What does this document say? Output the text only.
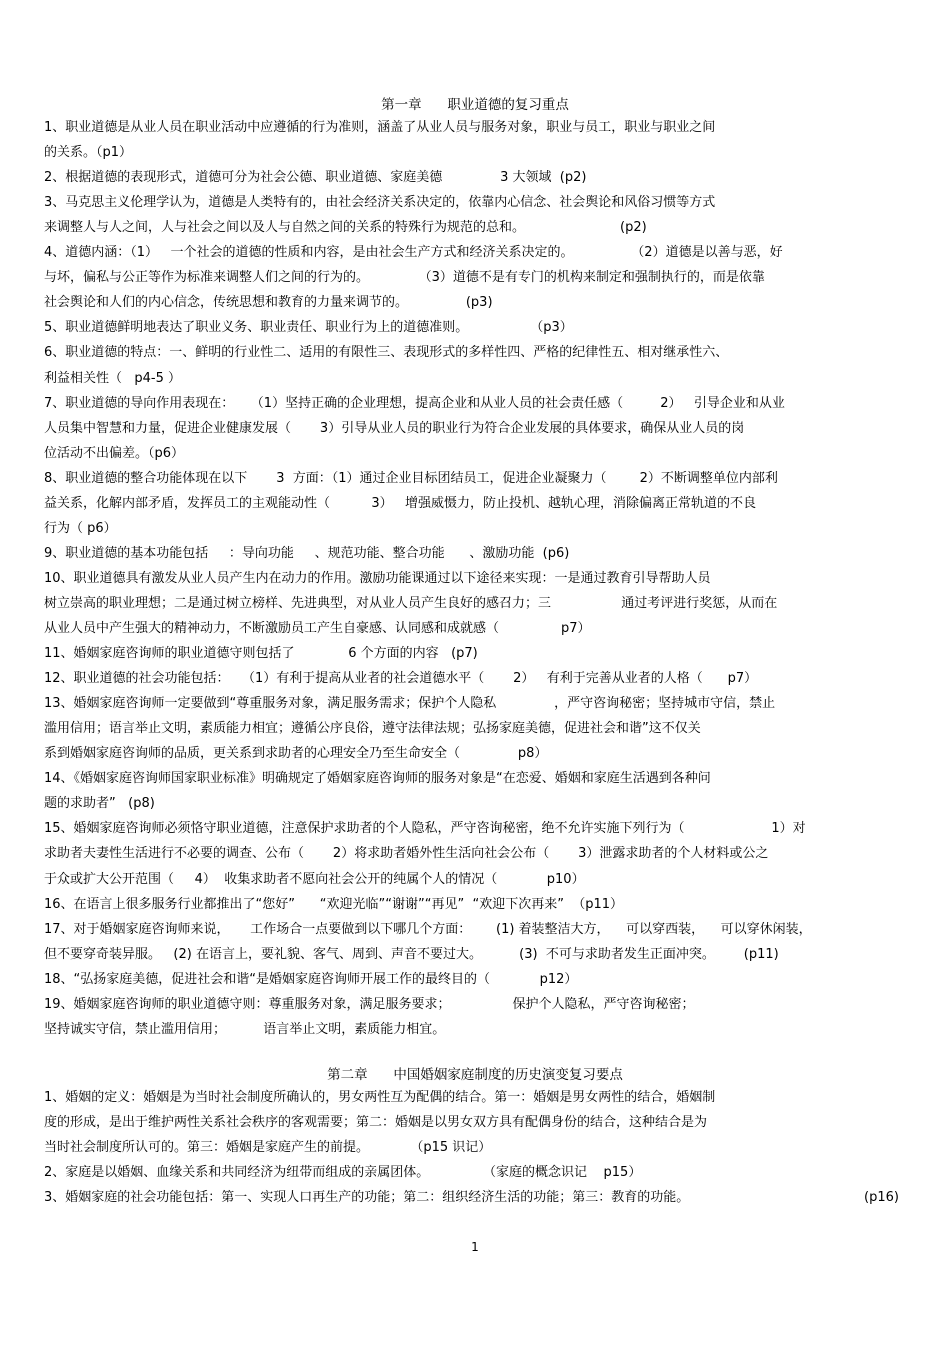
第一章      职业道德的复习重点
1、职业道德是从业人员在职业活动中应遵循的行为准则，涵盖了从业人员与服务对象，职业与员工，职业与职业之间
的关系。（p1）
2、根据道德的表现形式，道德可分为社会公德、职业道德、家庭美德              3 大领域  (p2)
3、马克思主义伦理学认为，道德是人类特有的，由社会经济关系决定的，依靠内心信念、社会舆论和风俗习惯等方式
来调整人与人之间，人与社会之间以及人与自然之间的关系的特殊行为规范的总和。                       (p2)
4、道德内涵：（1）   一个社会的道德的性质和内容，是由社会生产方式和经济关系决定的。              （2）道德是以善与恶，好
与坏，偏私与公正等作为标准来调整人们之间的行为的。            （3）道德不是有专门的机构来制定和强制执行的，而是依靠
社会舆论和人们的内心信念，传统思想和教育的力量来调节的。              (p3)
5、职业道德鲜明地表达了职业义务、职业责任、职业行为上的道德准则。               （p3）
6、职业道德的特点：一、鲜明的行业性二、适用的有限性三、表现形式的多样性四、严格的纪律性五、相对继承性六、
利益相关性（   p4-5 ）
7、职业道德的导向作用表现在：    （1）坚持正确的企业理想，提高企业和从业人员的社会责任感（         2）   引导企业和从业
人员集中智慧和力量，促进企业健康发展（       3）引导从业人员的职业行为符合企业发展的具体要求，确保从业人员的岗
位活动不出偏差。（p6）
8、职业道德的整合功能体现在以下       3  方面：（1）通过企业目标团结员工，促进企业凝聚力（        2）不断调整单位内部利
益关系，化解内部矛盾，发挥员工的主观能动性（          3）   增强威慑力，防止投机、越轨心理，消除偏离正常轨道的不良
行为（ p6）
9、职业道德的基本功能包括     ：导向功能     、规范功能、整合功能      、激励功能  (p6)
10、职业道德具有激发从业人员产生内在动力的作用。激励功能课通过以下途径来实现：一是通过教育引导帮助人员
树立崇高的职业理想；二是通过树立榜样、先进典型，对从业人员产生良好的感召力；三                 通过考评进行奖惩，从而在
从业人员中产生强大的精神动力，不断激励员工产生自豪感、认同感和成就感（               p7）
11、婚姻家庭咨询师的职业道德守则包括了             6 个方面的内容   (p7)
12、职业道德的社会功能包括：   （1）有利于提高从业者的社会道德水平（       2）   有利于完善从业者的人格（      p7）
13、婚姻家庭咨询师一定要做到“尊重服务对象，满足服务需求；保护个人隐私              ，严守咨询秘密；坚持城市守信，禁止
滥用信用；语言举止文明，素质能力相宜；遵循公序良俗，遵守法律法规；弘扬家庭美德，促进社会和谐”这不仅关
系到婚姻家庭咨询师的品质，更关系到求助者的心理安全乃至生命安全（              p8）
14、《婚姻家庭咨询师国家职业标准》明确规定了婚姻家庭咨询师的服务对象是“在恋爱、婚姻和家庭生活遇到各种问
题的求助者”   (p8)
15、婚姻家庭咨询师必须恪守职业道德，注意保护求助者的个人隐私，严守咨询秘密，绝不允许实施下列行为（                     1）对
求助者夫妻性生活进行不必要的调查、公布（       2）将求助者婚外性生活向社会公布（       3）泄露求助者的个人材料或公之
于众或扩大公开范围（     4）  收集求助者不愿向社会公开的纯属个人的情况（            p10）
16、在语言上很多服务行业都推出了“您好”      “欢迎光临”“谢谢”“再见”  “欢迎下次再来”  （p11）
17、对于婚姻家庭咨询师来说，     工作场合一点要做到以下哪几个方面：      (1) 着装整洁大方，    可以穿西装，    可以穿休闲装，
但不要穿奇装异服。   (2) 在语言上，要礼貌、客气、周到、声音不要过大。         (3)  不可与求助者发生正面冲突。       (p11)
18、“弘扬家庭美德，促进社会和谐“是婚姻家庭咨询师开展工作的最终目的（            p12）
19、婚姻家庭咨询师的职业道德守则：尊重服务对象，满足服务要求；               保护个人隐私，严守咨询秘密；
坚持诚实守信，禁止滥用信用；         语言举止文明，素质能力相宜。
第二章      中国婚姻家庭制度的历史演变复习要点
1、婚姻的定义：婚姻是为当时社会制度所确认的，男女两性互为配偶的结合。第一：婚姻是男女两性的结合，婚姻制
度的形成，是出于维护两性关系社会秩序的客观需要；第二：婚姻是以男女双方具有配偶身份的结合，这种结合是为
当时社会制度所认可的。第三：婚姻是家庭产生的前提。          （p15 识记）
2、家庭是以婚姻、血缘关系和共同经济为纽带而组成的亲属团体。             （家庭的概念识记    p15）
3、婚姻家庭的社会功能包括：第一、实现人口再生产的功能；第二：组织经济生活的功能；第三：教育的功能。	(p16)
1
